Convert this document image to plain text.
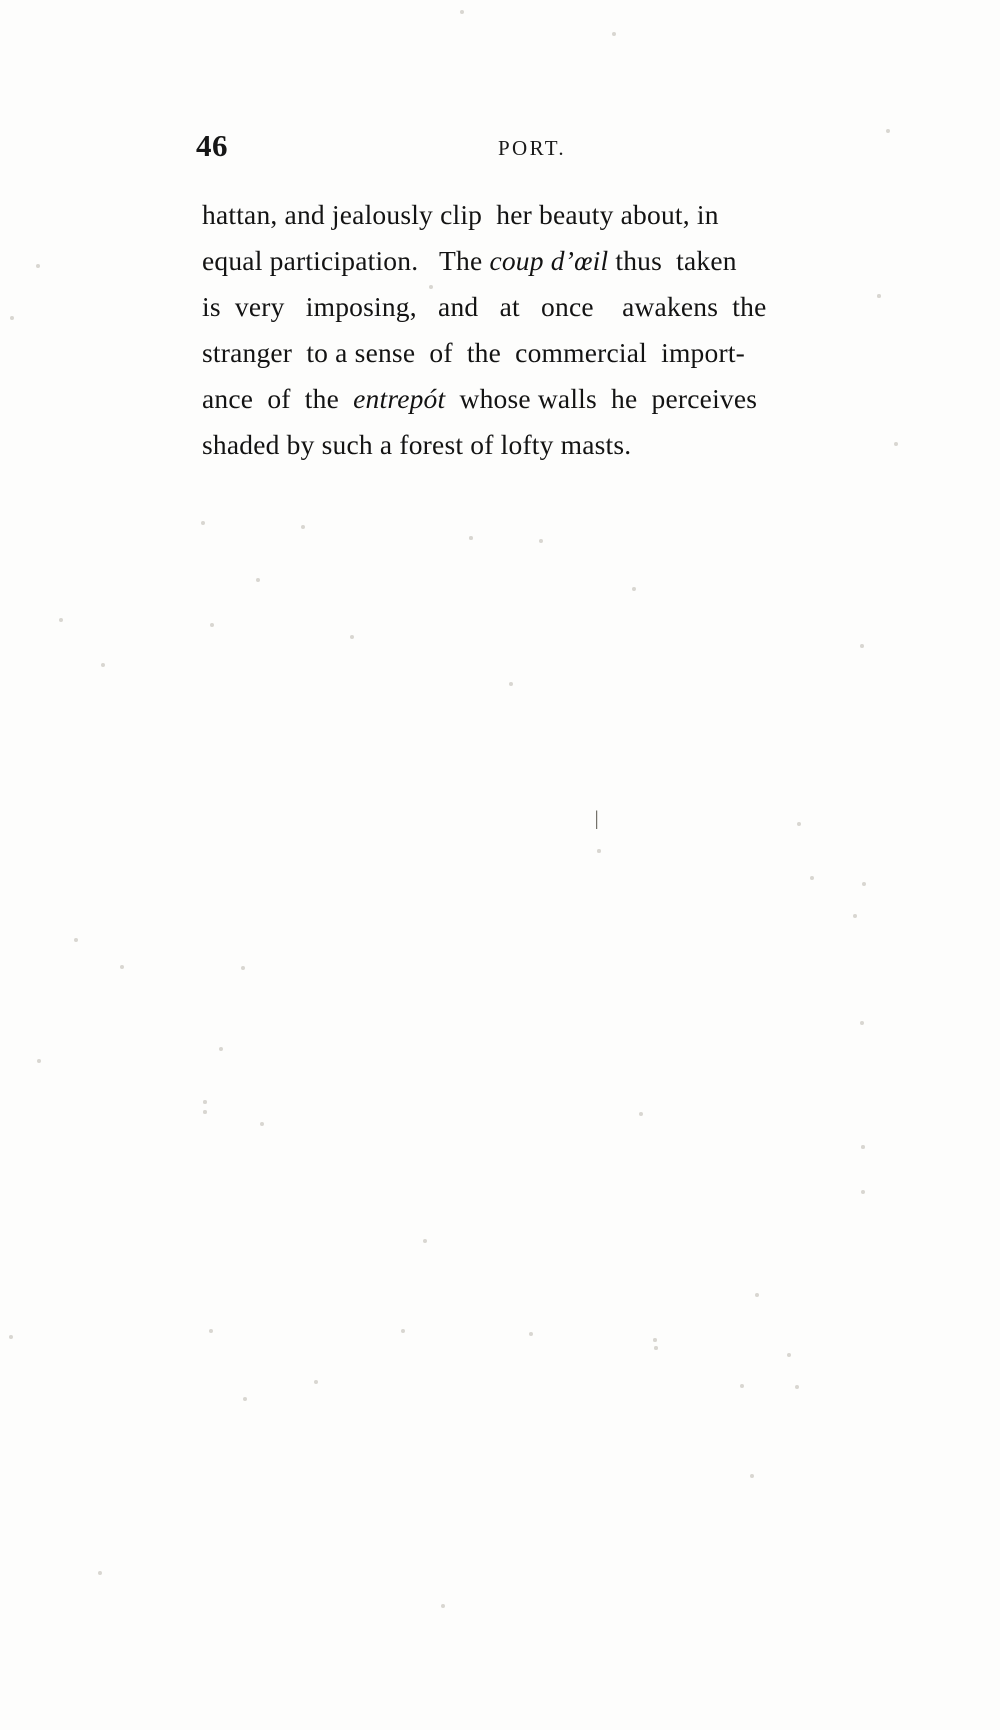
46	PORT.
hattan, and jealously clip  her beauty about, in
equal participation.   The coup d’œil thus  taken
is  very   imposing,   and   at   once    awakens  the
stranger  to a sense  of  the  commercial  import-
ance  of  the  entrepót  whose walls  he  perceives
shaded by such a forest of lofty masts.
ǀ
